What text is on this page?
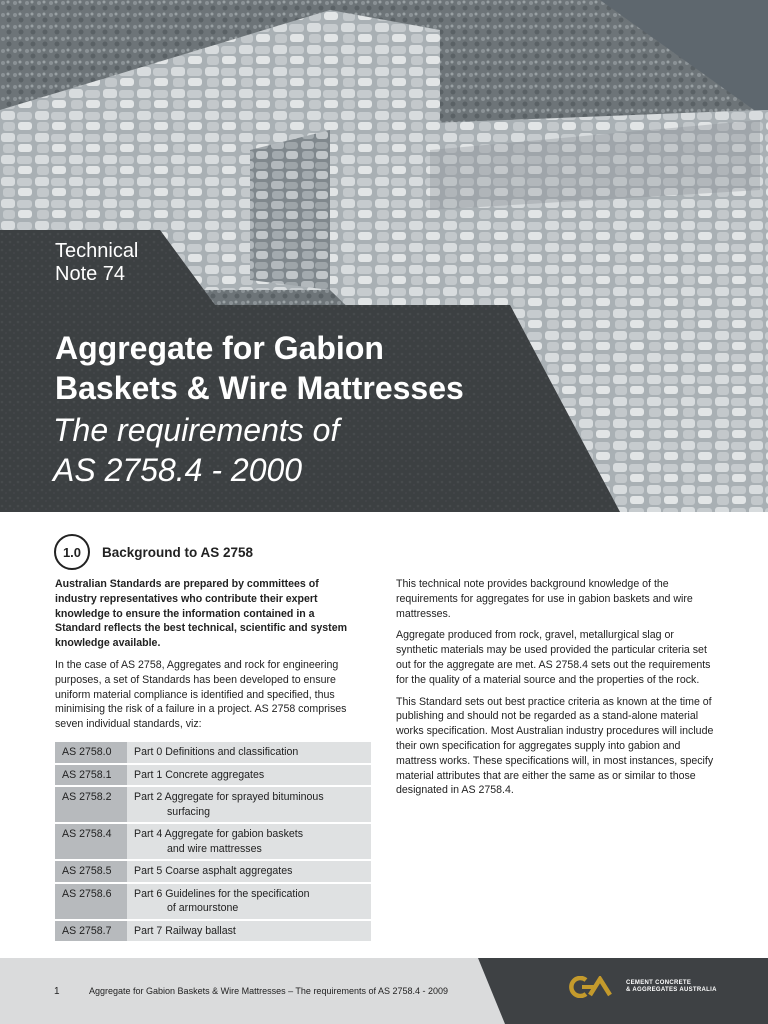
Technical
Note 74
Aggregate for Gabion
Baskets & Wire Mattresses
The requirements of
AS 2758.4 - 2000
1.0	Background to AS 2758

Australian Standards are prepared by committees of industry representatives who contribute their expert knowledge to ensure the information contained in a Standard reflects the best technical, scientific and system knowledge available.

In the case of AS 2758, Aggregates and rock for engineering purposes, a set of Standards has been developed to ensure uniform material compliance is identified and specified, thus minimising the risk of a failure in a project. AS 2758 comprises seven individual standards, viz:

AS 2758.0	Part 0 Definitions and classification

AS 2758.1	Part 1 Concrete aggregates

AS 2758.2	Part 2 Aggregate for sprayed bituminous
surfacing

AS 2758.4	Part 4 Aggregate for gabion baskets
and wire mattresses

AS 2758.5	Part 5 Coarse asphalt aggregates

AS 2758.6	Part 6 Guidelines for the specification
of armourstone

AS 2758.7	Part 7 Railway ballast

This technical note provides background knowledge of the requirements for aggregates for use in gabion baskets and wire mattresses.

Aggregate produced from rock, gravel, metallurgical slag or synthetic materials may be used provided the particular criteria set out for the aggregate are met. AS 2758.4 sets out the requirements for the quality of a material source and the properties of the rock.

This Standard sets out best practice criteria as known at the time of publishing and should not be regarded as a stand-alone material works specification. Most Australian industry procedures will include their own specification for aggregates supply into gabion and mattress works. These specifications will, in most instances, specify material attributes that are either the same as or similar to those designated in AS 2758.4.

1	Aggregate for Gabion Baskets & Wire Mattresses – The requirements of AS 2758.4 - 2009
CEMENT CONCRETE
& AGGREGATES AUSTRALIA
